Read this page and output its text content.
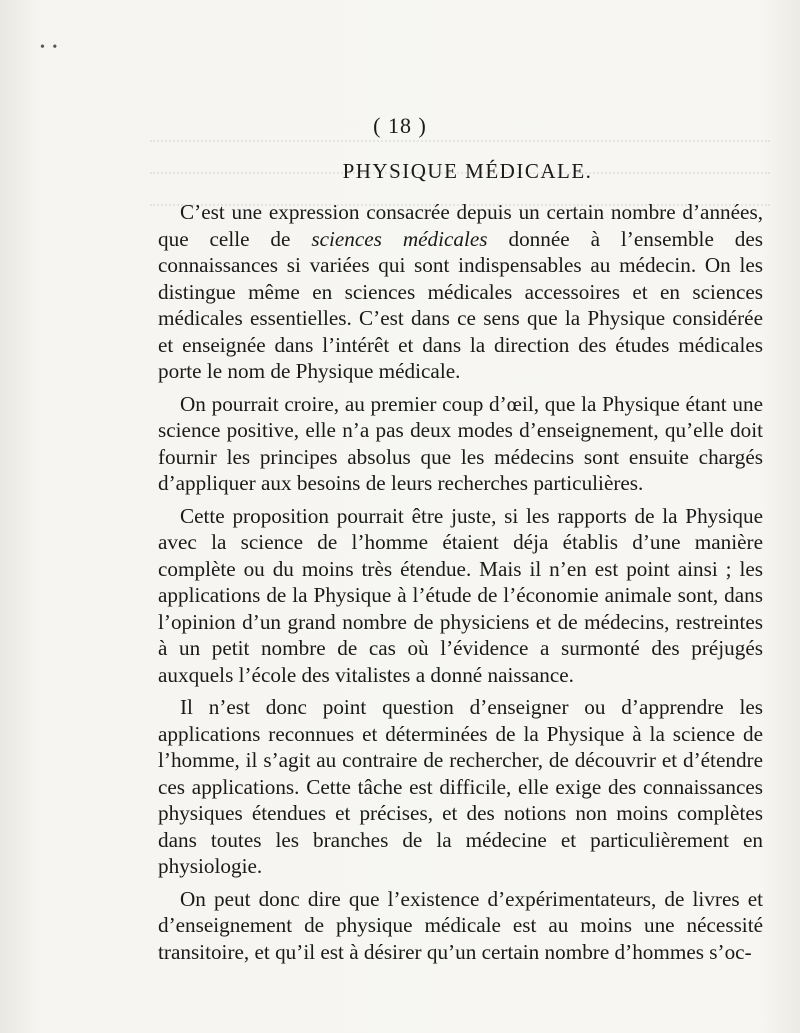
• •
( 18 )
PHYSIQUE MÉDICALE.

C’est une expression consacrée depuis un certain nombre d’années, que celle de sciences médicales donnée à l’ensemble des connaissances si variées qui sont indispensables au médecin. On les distingue même en sciences médicales accessoires et en sciences médicales essentielles. C’est dans ce sens que la Physique considérée et enseignée dans l’intérêt et dans la direction des études médicales porte le nom de Physique médicale.

On pourrait croire, au premier coup d’œil, que la Physique étant une science positive, elle n’a pas deux modes d’enseignement, qu’elle doit fournir les principes absolus que les médecins sont ensuite chargés d’appliquer aux besoins de leurs recherches particulières.

Cette proposition pourrait être juste, si les rapports de la Physique avec la science de l’homme étaient déja établis d’une manière complète ou du moins très étendue. Mais il n’en est point ainsi ; les applications de la Physique à l’étude de l’économie animale sont, dans l’opinion d’un grand nombre de physiciens et de médecins, restreintes à un petit nombre de cas où l’évidence a surmonté des préjugés auxquels l’école des vitalistes a donné naissance.

Il n’est donc point question d’enseigner ou d’apprendre les applications reconnues et déterminées de la Physique à la science de l’homme, il s’agit au contraire de rechercher, de découvrir et d’étendre ces applications. Cette tâche est difficile, elle exige des connaissances physiques étendues et précises, et des notions non moins complètes dans toutes les branches de la médecine et particulièrement en physiologie.

On peut donc dire que l’existence d’expérimentateurs, de livres et d’enseignement de physique médicale est au moins une nécessité transitoire, et qu’il est à désirer qu’un certain nombre d’hommes s’oc-
